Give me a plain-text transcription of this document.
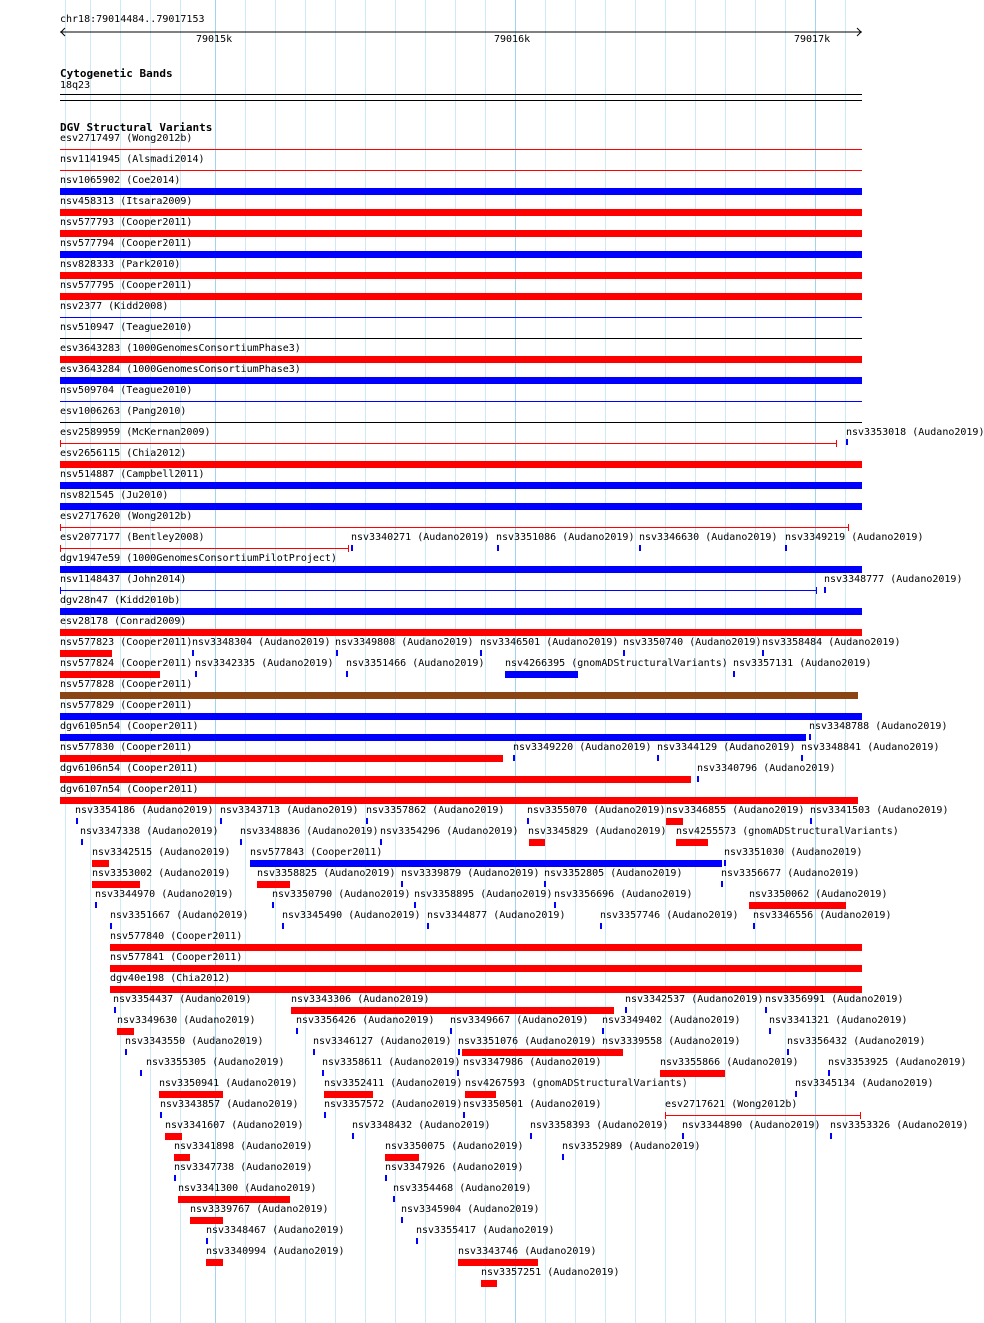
chr18:79014484..79017153
79015k	79016k	79017k
Cytogenetic Bands
18q23
DGV Structural Variants
esv2717497 (Wong2012b)
nsv1141945 (Alsmadi2014)
nsv1065902 (Coe2014)
nsv458313 (Itsara2009)
nsv577793 (Cooper2011)
nsv577794 (Cooper2011)
nsv828333 (Park2010)
nsv577795 (Cooper2011)
nsv2377 (Kidd2008)
nsv510947 (Teague2010)
esv3643283 (1000GenomesConsortiumPhase3)
esv3643284 (1000GenomesConsortiumPhase3)
nsv509704 (Teague2010)
esv1006263 (Pang2010)
esv2589959 (McKernan2009)	nsv3353018 (Audano2019)
esv2656115 (Chia2012)
nsv514887 (Campbell2011)
nsv821545 (Ju2010)
esv2717620 (Wong2012b)
esv2077177 (Bentley2008)	nsv3340271 (Audano2019) nsv3351086 (Audano2019) nsv3346630 (Audano2019) nsv3349219 (Audano2019)
dgv1947e59 (1000GenomesConsortiumPilotProject)
nsv1148437 (John2014)	nsv3348777 (Audano2019)
dgv28n47 (Kidd2010b)
esv28178 (Conrad2009)
nsv577823 (Cooper2011) nsv3348304 (Audano2019) nsv3349808 (Audano2019) nsv3346501 (Audano2019) nsv3350740 (Audano2019) nsv3358484 (Audano2019)
nsv577824 (Cooper2011) nsv3342335 (Audano2019) nsv3351466 (Audano2019) nsv4266395 (gnomADStructuralVariants) nsv3357131 (Audano2019)
nsv577828 (Cooper2011)
nsv577829 (Cooper2011)
dgv6105n54 (Cooper2011)	nsv3348788 (Audano2019)
nsv577830 (Cooper2011)	nsv3349220 (Audano2019) nsv3344129 (Audano2019) nsv3348841 (Audano2019)
dgv6106n54 (Cooper2011)	nsv3340796 (Audano2019)
dgv6107n54 (Cooper2011)
nsv3354186 (Audano2019) nsv3343713 (Audano2019) nsv3357862 (Audano2019) nsv3355070 (Audano2019) nsv3346855 (Audano2019) nsv3341503 (Audano2019)
nsv3347338 (Audano2019) nsv3348836 (Audano2019) nsv3354296 (Audano2019) nsv3345829 (Audano2019) nsv4255573 (gnomADStructuralVariants)
nsv3342515 (Audano2019) nsv577843 (Cooper2011)	nsv3351030 (Audano2019)
nsv3353002 (Audano2019)	nsv3358825 (Audano2019) nsv3339879 (Audano2019) nsv3352805 (Audano2019)	nsv3356677 (Audano2019)
nsv3344970 (Audano2019)	nsv3350790 (Audano2019) nsv3358895 (Audano2019) nsv3356696 (Audano2019)	nsv3350062 (Audano2019)
nsv3351667 (Audano2019)	nsv3345490 (Audano2019) nsv3344877 (Audano2019)	nsv3357746 (Audano2019) nsv3346556 (Audano2019)
nsv577840 (Cooper2011)
nsv577841 (Cooper2011)
dgv40e198 (Chia2012)
nsv3354437 (Audano2019)	nsv3343306 (Audano2019)	nsv3342537 (Audano2019) nsv3356991 (Audano2019)
nsv3349630 (Audano2019)	nsv3356426 (Audano2019) nsv3349667 (Audano2019) nsv3349402 (Audano2019)	nsv3341321 (Audano2019)
nsv3343550 (Audano2019)	nsv3346127 (Audano2019) nsv3351076 (Audano2019) nsv3339558 (Audano2019)	nsv3356432 (Audano2019)
nsv3355305 (Audano2019)	nsv3358611 (Audano2019) nsv3347986 (Audano2019)	nsv3355866 (Audano2019)	nsv3353925 (Audano2019)
nsv3350941 (Audano2019)	nsv3352411 (Audano2019) nsv4267593 (gnomADStructuralVariants)	nsv3345134 (Audano2019)
nsv3343857 (Audano2019)	nsv3357572 (Audano2019) nsv3350501 (Audano2019)	esv2717621 (Wong2012b)
nsv3341607 (Audano2019)	nsv3348432 (Audano2019)	nsv3358393 (Audano2019) nsv3344890 (Audano2019) nsv3353326 (Audano2019)
nsv3341898 (Audano2019)	nsv3350075 (Audano2019)	nsv3352989 (Audano2019)
nsv3347738 (Audano2019)	nsv3347926 (Audano2019)
nsv3341300 (Audano2019)	nsv3354468 (Audano2019)
nsv3339767 (Audano2019)	nsv3345904 (Audano2019)
nsv3348467 (Audano2019)	nsv3355417 (Audano2019)
nsv3340994 (Audano2019)	nsv3343746 (Audano2019)
nsv3357251 (Audano2019)
